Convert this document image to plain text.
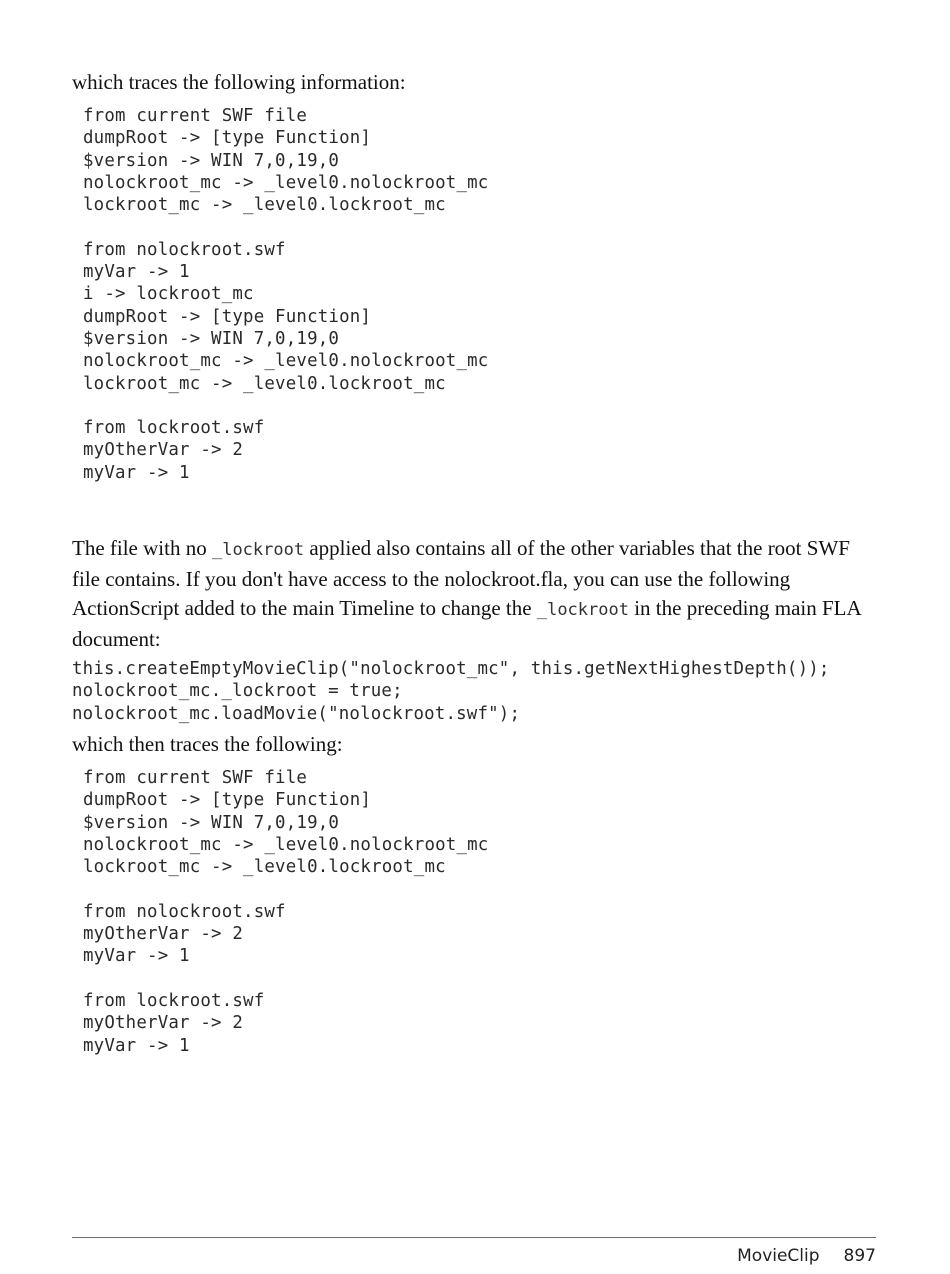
which traces the following information:

from current SWF file
dumpRoot -> [type Function]
$version -> WIN 7,0,19,0
nolockroot_mc -> _level0.nolockroot_mc
lockroot_mc -> _level0.lockroot_mc
from nolockroot.swf
myVar -> 1
i -> lockroot_mc
dumpRoot -> [type Function]
$version -> WIN 7,0,19,0
nolockroot_mc -> _level0.nolockroot_mc
lockroot_mc -> _level0.lockroot_mc
from lockroot.swf
myOtherVar -> 2
myVar -> 1

The file with no _lockroot applied also contains all of the other variables that the root SWF file contains. If you don't have access to the nolockroot.fla, you can use the following ActionScript added to the main Timeline to change the _lockroot in the preceding main FLA document:

this.createEmptyMovieClip("nolockroot_mc", this.getNextHighestDepth());
nolockroot_mc._lockroot = true;
nolockroot_mc.loadMovie("nolockroot.swf");

which then traces the following:

from current SWF file
dumpRoot -> [type Function]
$version -> WIN 7,0,19,0
nolockroot_mc -> _level0.nolockroot_mc
lockroot_mc -> _level0.lockroot_mc
from nolockroot.swf
myOtherVar -> 2
myVar -> 1
from lockroot.swf
myOtherVar -> 2
myVar -> 1
MovieClip 897
